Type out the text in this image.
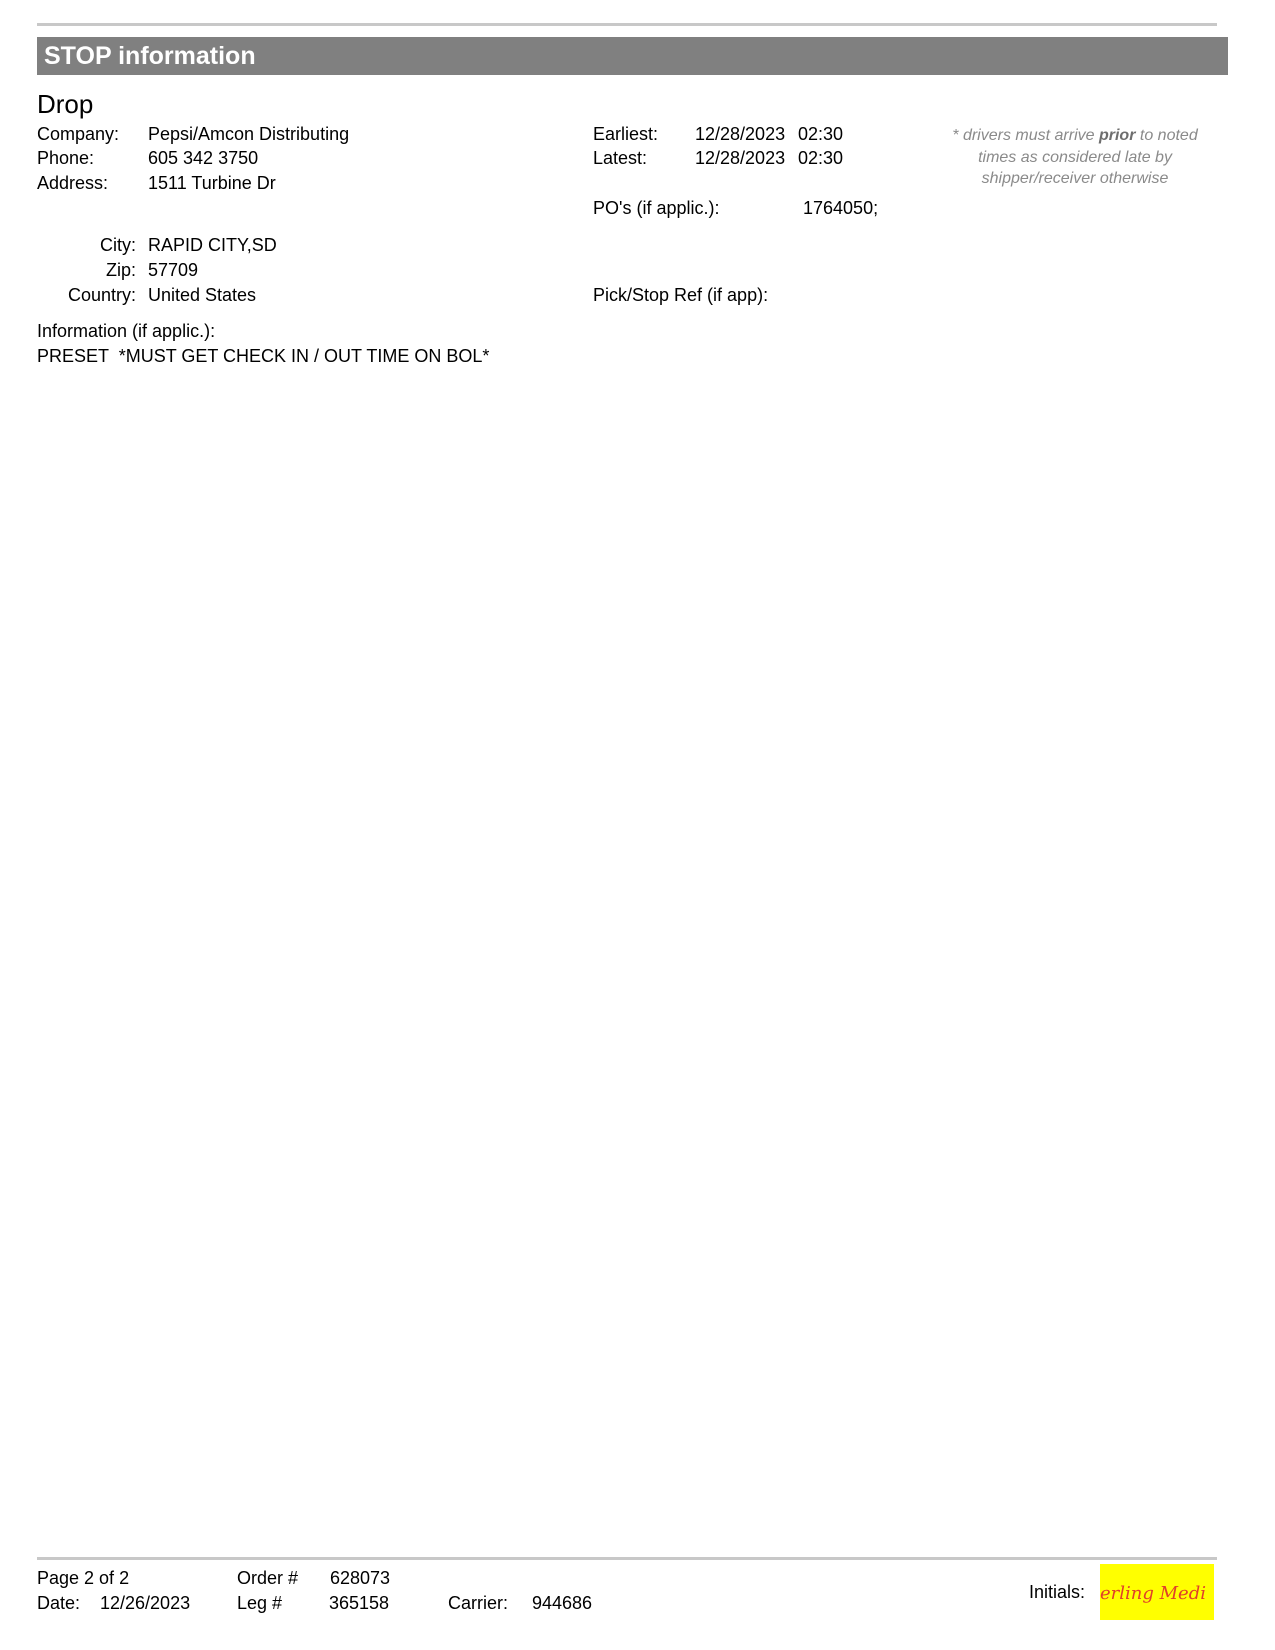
STOP information
Drop
Company: Pepsi/Amcon Distributing
Phone:	605 342 3750
Address: 1511 Turbine Dr
City: RAPID CITY,SD
Zip: 57709
Country: United States
Information (if applic.):
PRESET  *MUST GET CHECK IN / OUT TIME ON BOL*
Earliest: 12/28/2023 02:30
Latest:	12/28/2023 02:30
PO's (if applic.):	1764050;
Pick/Stop Ref (if app):
* drivers must arrive prior to noted times as considered late by shipper/receiver otherwise
Page 2 of 2
Date: 12/26/2023
Order # 628073
Leg #	365158	Carrier: 944686
Initials: erling Medi
